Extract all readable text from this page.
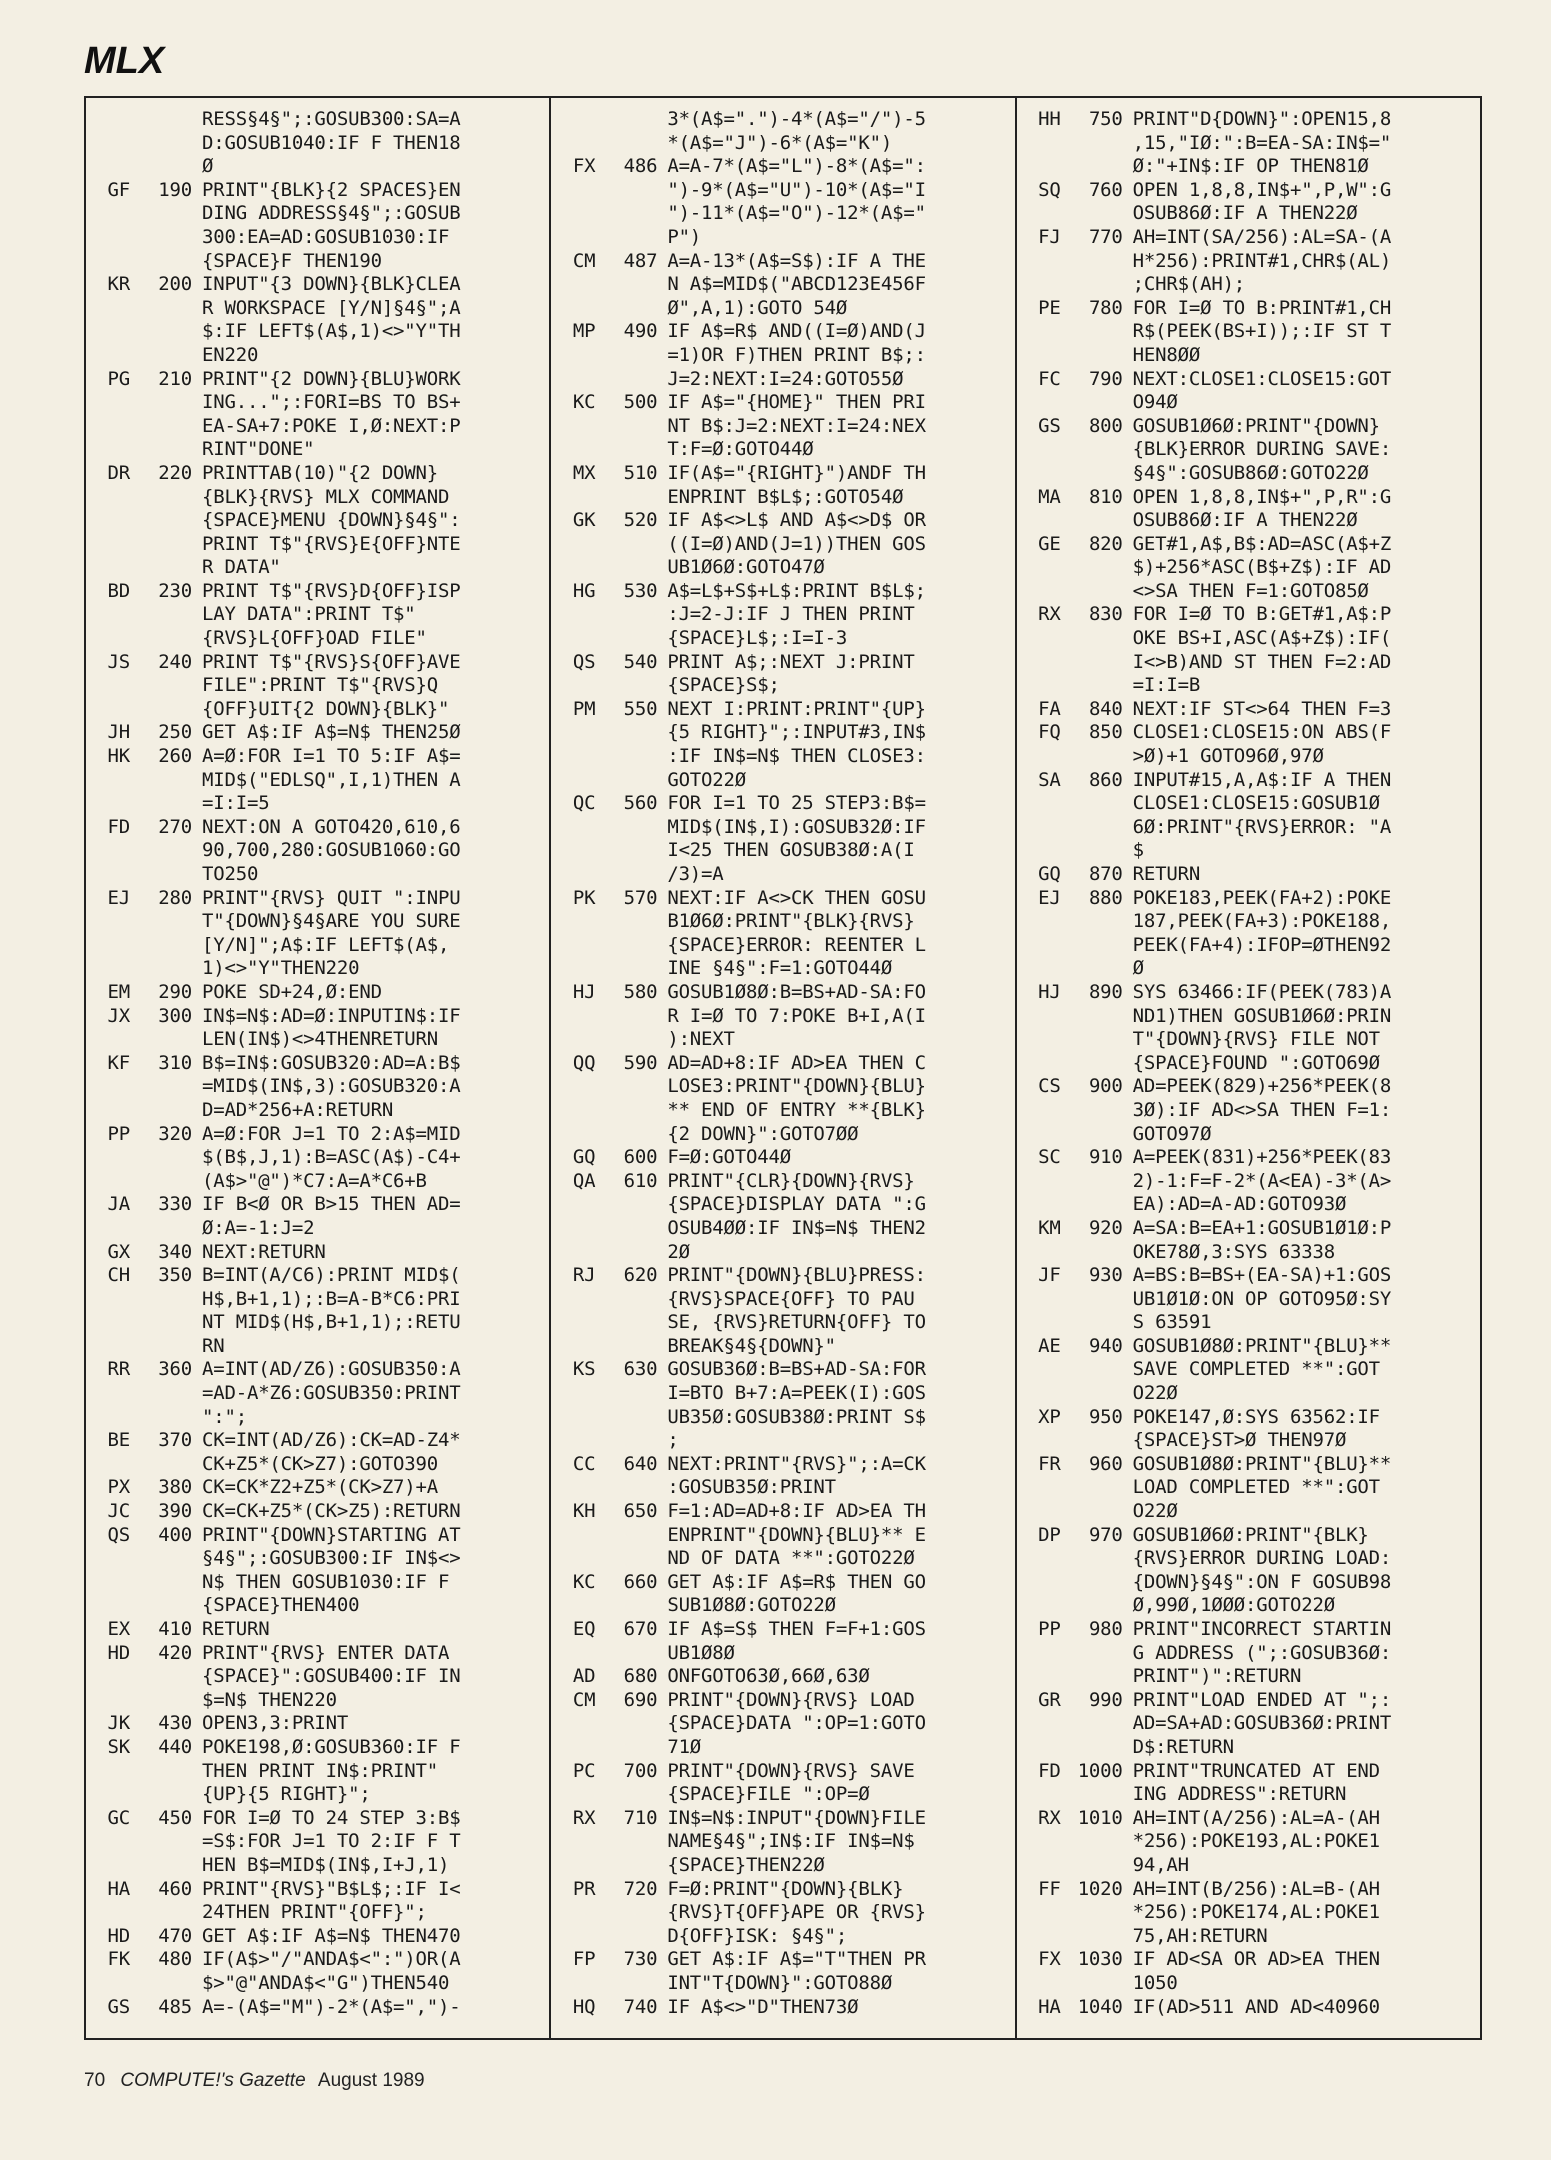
MLX
RESS§4§";:GOSUB300:SA=A
D:GOSUB1040:IF F THEN18
Ø
GF	190 PRINT"{BLK}{2 SPACES}EN
DING ADDRESS§4§";:GOSUB
300:EA=AD:GOSUB1030:IF
{SPACE}F THEN190
KR	200 INPUT"{3 DOWN}{BLK}CLEA
R WORKSPACE [Y/N]§4§";A
$:IF LEFT$(A$,1)<>"Y"TH
EN220
PG	210 PRINT"{2 DOWN}{BLU}WORK
ING...";:FORI=BS TO BS+
EA-SA+7:POKE I,Ø:NEXT:P
RINT"DONE"
DR	220 PRINTTAB(10)"{2 DOWN}
{BLK}{RVS} MLX COMMAND
{SPACE}MENU {DOWN}§4§":
PRINT T$"{RVS}E{OFF}NTE
R DATA"
BD	230 PRINT T$"{RVS}D{OFF}ISP
LAY DATA":PRINT T$"
{RVS}L{OFF}OAD FILE"
JS	240 PRINT T$"{RVS}S{OFF}AVE
FILE":PRINT T$"{RVS}Q
{OFF}UIT{2 DOWN}{BLK}"
JH	250 GET A$:IF A$=N$ THEN25Ø
HK	260 A=Ø:FOR I=1 TO 5:IF A$=
MID$("EDLSQ",I,1)THEN A
=I:I=5
FD	270 NEXT:ON A GOTO420,610,6
90,700,280:GOSUB1060:GO
TO250
EJ	280 PRINT"{RVS} QUIT ":INPU
T"{DOWN}§4§ARE YOU SURE
[Y/N]";A$:IF LEFT$(A$,
1)<>"Y"THEN220
EM	290 POKE SD+24,Ø:END
JX	300 IN$=N$:AD=Ø:INPUTIN$:IF
LEN(IN$)<>4THENRETURN
KF	310 B$=IN$:GOSUB320:AD=A:B$
=MID$(IN$,3):GOSUB320:A
D=AD*256+A:RETURN
PP	320 A=Ø:FOR J=1 TO 2:A$=MID
$(B$,J,1):B=ASC(A$)-C4+
(A$>"@")*C7:A=A*C6+B
JA	330 IF B<Ø OR B>15 THEN AD=
Ø:A=-1:J=2
GX	340 NEXT:RETURN
CH	350 B=INT(A/C6):PRINT MID$(
H$,B+1,1);:B=A-B*C6:PRI
NT MID$(H$,B+1,1);:RETU
RN
RR	360 A=INT(AD/Z6):GOSUB350:A
=AD-A*Z6:GOSUB350:PRINT
":";
BE	370 CK=INT(AD/Z6):CK=AD-Z4*
CK+Z5*(CK>Z7):GOTO390
PX	380 CK=CK*Z2+Z5*(CK>Z7)+A
JC	390 CK=CK+Z5*(CK>Z5):RETURN
QS	400 PRINT"{DOWN}STARTING AT
§4§";:GOSUB300:IF IN$<>
N$ THEN GOSUB1030:IF F
{SPACE}THEN400
EX	410 RETURN
HD	420 PRINT"{RVS} ENTER DATA
{SPACE}":GOSUB400:IF IN
$=N$ THEN220
JK	430 OPEN3,3:PRINT
SK	440 POKE198,Ø:GOSUB360:IF F
THEN PRINT IN$:PRINT"
{UP}{5 RIGHT}";
GC	450 FOR I=Ø TO 24 STEP 3:B$
=S$:FOR J=1 TO 2:IF F T
HEN B$=MID$(IN$,I+J,1)
HA	460 PRINT"{RVS}"B$L$;:IF I<
24THEN PRINT"{OFF}";
HD	470 GET A$:IF A$=N$ THEN470
FK	480 IF(A$>"/"ANDA$<":")OR(A
$>"@"ANDA$<"G")THEN540
GS	485 A=-(A$="M")-2*(A$=",")-
3*(A$=".")-4*(A$="/")-5
*(A$="J")-6*(A$="K")
FX	486 A=A-7*(A$="L")-8*(A$=":
")-9*(A$="U")-10*(A$="I
")-11*(A$="O")-12*(A$="
P")
CM	487 A=A-13*(A$=S$):IF A THE
N A$=MID$("ABCD123E456F
Ø",A,1):GOTO 54Ø
MP	490 IF A$=R$ AND((I=Ø)AND(J
=1)OR F)THEN PRINT B$;:
J=2:NEXT:I=24:GOTO55Ø
KC	500 IF A$="{HOME}" THEN PRI
NT B$:J=2:NEXT:I=24:NEX
T:F=Ø:GOTO44Ø
MX	510 IF(A$="{RIGHT}")ANDF TH
ENPRINT B$L$;:GOTO54Ø
GK	520 IF A$<>L$ AND A$<>D$ OR
((I=Ø)AND(J=1))THEN GOS
UB1Ø6Ø:GOTO47Ø
HG	530 A$=L$+S$+L$:PRINT B$L$;
:J=2-J:IF J THEN PRINT
{SPACE}L$;:I=I-3
QS	540 PRINT A$;:NEXT J:PRINT
{SPACE}S$;
PM	550 NEXT I:PRINT:PRINT"{UP}
{5 RIGHT}";:INPUT#3,IN$
:IF IN$=N$ THEN CLOSE3:
GOTO22Ø
QC	560 FOR I=1 TO 25 STEP3:B$=
MID$(IN$,I):GOSUB32Ø:IF
I<25 THEN GOSUB38Ø:A(I
/3)=A
PK	570 NEXT:IF A<>CK THEN GOSU
B1Ø6Ø:PRINT"{BLK}{RVS}
{SPACE}ERROR: REENTER L
INE §4§":F=1:GOTO44Ø
HJ	580 GOSUB1Ø8Ø:B=BS+AD-SA:FO
R I=Ø TO 7:POKE B+I,A(I
):NEXT
QQ	590 AD=AD+8:IF AD>EA THEN C
LOSE3:PRINT"{DOWN}{BLU}
** END OF ENTRY **{BLK}
{2 DOWN}":GOTO7ØØ
GQ	600 F=Ø:GOTO44Ø
QA	610 PRINT"{CLR}{DOWN}{RVS}
{SPACE}DISPLAY DATA ":G
OSUB4ØØ:IF IN$=N$ THEN2
2Ø
RJ	620 PRINT"{DOWN}{BLU}PRESS:
{RVS}SPACE{OFF} TO PAU
SE, {RVS}RETURN{OFF} TO
BREAK§4§{DOWN}"
KS	630 GOSUB36Ø:B=BS+AD-SA:FOR
I=BTO B+7:A=PEEK(I):GOS
UB35Ø:GOSUB38Ø:PRINT S$
;
CC	640 NEXT:PRINT"{RVS}";:A=CK
:GOSUB35Ø:PRINT
KH	650 F=1:AD=AD+8:IF AD>EA TH
ENPRINT"{DOWN}{BLU}** E
ND OF DATA **":GOTO22Ø
KC	660 GET A$:IF A$=R$ THEN GO
SUB1Ø8Ø:GOTO22Ø
EQ	670 IF A$=S$ THEN F=F+1:GOS
UB1Ø8Ø
AD	680 ONFGOTO63Ø,66Ø,63Ø
CM	690 PRINT"{DOWN}{RVS} LOAD
{SPACE}DATA ":OP=1:GOTO
71Ø
PC	700 PRINT"{DOWN}{RVS} SAVE
{SPACE}FILE ":OP=Ø
RX	710 IN$=N$:INPUT"{DOWN}FILE
NAME§4§";IN$:IF IN$=N$
{SPACE}THEN22Ø
PR	720 F=Ø:PRINT"{DOWN}{BLK}
{RVS}T{OFF}APE OR {RVS}
D{OFF}ISK: §4§";
FP	730 GET A$:IF A$="T"THEN PR
INT"T{DOWN}":GOTO88Ø
HQ	740 IF A$<>"D"THEN73Ø
HH	750 PRINT"D{DOWN}":OPEN15,8
,15,"IØ:":B=EA-SA:IN$="
Ø:"+IN$:IF OP THEN81Ø
SQ	760 OPEN 1,8,8,IN$+",P,W":G
OSUB86Ø:IF A THEN22Ø
FJ	770 AH=INT(SA/256):AL=SA-(A
H*256):PRINT#1,CHR$(AL)
;CHR$(AH);
PE	780 FOR I=Ø TO B:PRINT#1,CH
R$(PEEK(BS+I));:IF ST T
HEN8ØØ
FC	790 NEXT:CLOSE1:CLOSE15:GOT
O94Ø
GS	800 GOSUB1Ø6Ø:PRINT"{DOWN}
{BLK}ERROR DURING SAVE:
§4§":GOSUB86Ø:GOTO22Ø
MA	810 OPEN 1,8,8,IN$+",P,R":G
OSUB86Ø:IF A THEN22Ø
GE	820 GET#1,A$,B$:AD=ASC(A$+Z
$)+256*ASC(B$+Z$):IF AD
<>SA THEN F=1:GOTO85Ø
RX	830 FOR I=Ø TO B:GET#1,A$:P
OKE BS+I,ASC(A$+Z$):IF(
I<>B)AND ST THEN F=2:AD
=I:I=B
FA	840 NEXT:IF ST<>64 THEN F=3
FQ	850 CLOSE1:CLOSE15:ON ABS(F
>Ø)+1 GOTO96Ø,97Ø
SA	860 INPUT#15,A,A$:IF A THEN
CLOSE1:CLOSE15:GOSUB1Ø
6Ø:PRINT"{RVS}ERROR: "A
$
GQ	870 RETURN
EJ	880 POKE183,PEEK(FA+2):POKE
187,PEEK(FA+3):POKE188,
PEEK(FA+4):IFOP=ØTHEN92
Ø
HJ	890 SYS 63466:IF(PEEK(783)A
ND1)THEN GOSUB1Ø6Ø:PRIN
T"{DOWN}{RVS} FILE NOT
{SPACE}FOUND ":GOTO69Ø
CS	900 AD=PEEK(829)+256*PEEK(8
3Ø):IF AD<>SA THEN F=1:
GOTO97Ø
SC	910 A=PEEK(831)+256*PEEK(83
2)-1:F=F-2*(A<EA)-3*(A>
EA):AD=A-AD:GOTO93Ø
KM	920 A=SA:B=EA+1:GOSUB1Ø1Ø:P
OKE78Ø,3:SYS 63338
JF	930 A=BS:B=BS+(EA-SA)+1:GOS
UB1Ø1Ø:ON OP GOTO95Ø:SY
S 63591
AE	940 GOSUB1Ø8Ø:PRINT"{BLU}**
SAVE COMPLETED **":GOT
O22Ø
XP	950 POKE147,Ø:SYS 63562:IF
{SPACE}ST>Ø THEN97Ø
FR	960 GOSUB1Ø8Ø:PRINT"{BLU}**
LOAD COMPLETED **":GOT
O22Ø
DP	970 GOSUB1Ø6Ø:PRINT"{BLK}
{RVS}ERROR DURING LOAD:
{DOWN}§4§":ON F GOSUB98
Ø,99Ø,1ØØØ:GOTO22Ø
PP	980 PRINT"INCORRECT STARTIN
G ADDRESS (";:GOSUB36Ø:
PRINT")":RETURN
GR	990 PRINT"LOAD ENDED AT ";:
AD=SA+AD:GOSUB36Ø:PRINT
D$:RETURN
FD 1000 PRINT"TRUNCATED AT END
ING ADDRESS":RETURN
RX 1010 AH=INT(A/256):AL=A-(AH
*256):POKE193,AL:POKE1
94,AH
FF 1020 AH=INT(B/256):AL=B-(AH
*256):POKE174,AL:POKE1
75,AH:RETURN
FX 1030 IF AD<SA OR AD>EA THEN
1050
HA 1040 IF(AD>511 AND AD<40960
70 COMPUTE!'s Gazette August 1989
